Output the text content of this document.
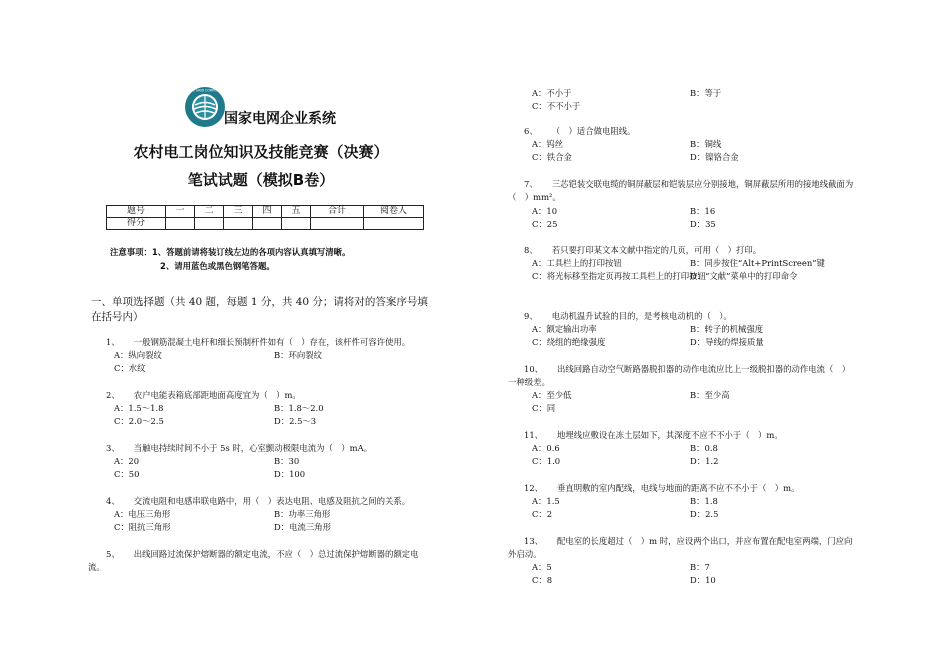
国家电网公司 STATE GRID CORPORATION OF CHINA
国家电网企业系统
农村电工岗位知识及技能竞赛（决赛）
笔试试题（模拟B卷）
题号	一	二	三	四	五	合计	阅卷人
得分							
注意事项：1、答题前请将装订线左边的各项内容认真填写清晰。
2、请用蓝色或黑色钢笔答题。
一、单项选择题（共 40 题，每题 1 分，共 40 分；请将对的答案序号填在括号内）
1、 一般钢筋混凝土电杆和细长预制杆件如有（　）存在，该杆件可容许使用。
A：纵向裂纹	B：环向裂纹
C：水纹
2、 农户电能表箱底部距地面高度宜为（　）m。
A：1.5～1.8	B：1.8～2.0
C：2.0～2.5	D：2.5～3
3、 当触电持续时间不小于 5s 时，心室颤动极限电流为（　）mA。
A：20	B：30
C：50	D：100
4、 交流电阻和电感串联电路中，用（　）表达电阻、电感及阻抗之间的关系。
A：电压三角形	B：功率三角形
C：阻抗三角形	D：电流三角形
5、 出线回路过流保护熔断器的额定电流，不应（　）总过流保护熔断器的额定电流。
A：不小于	B：等于
C：不不小于
6、 （　）适合做电阻线。
A：钨丝	B：铜线
C：铁合金	D：镍铬合金
7、 三芯铠装交联电缆的铜屏蔽层和铠装层应分别接地，铜屏蔽层所用的接地线截面为（　）mm²。
A：10	B：16
C：25	D：35
8、 若只要打印某文本文献中指定的几页，可用（　）打印。
A：工具栏上的打印按钮	B：同步按住“Alt+PrintScreen”键
C：将光标移至指定页再按工具栏上的打印按钮
D：“文献”菜单中的打印命令
9、 电动机温升试验的目的，是考核电动机的（　）。
A：额定输出功率	B：转子的机械强度
C：绕组的绝缘强度	D：导线的焊接质量
10、 出线回路自动空气断路器脱扣器的动作电流应比上一级脱扣器的动作电流（　）一种级差。
A：至少低	B：至少高
C：同
11、 地埋线应敷设在冻土层如下，其深度不应不不小于（　）m。
A：0.6	B：0.8
C：1.0	D：1.2
12、 垂直明敷的室内配线，电线与地面的距离不应不不小于（　）m。
A：1.5	B：1.8
C：2	D：2.5
13、 配电室的长度超过（　）m 时，应设两个出口，并应布置在配电室两端，门应向外启动。
A：5	B：7
C：8	D：10
